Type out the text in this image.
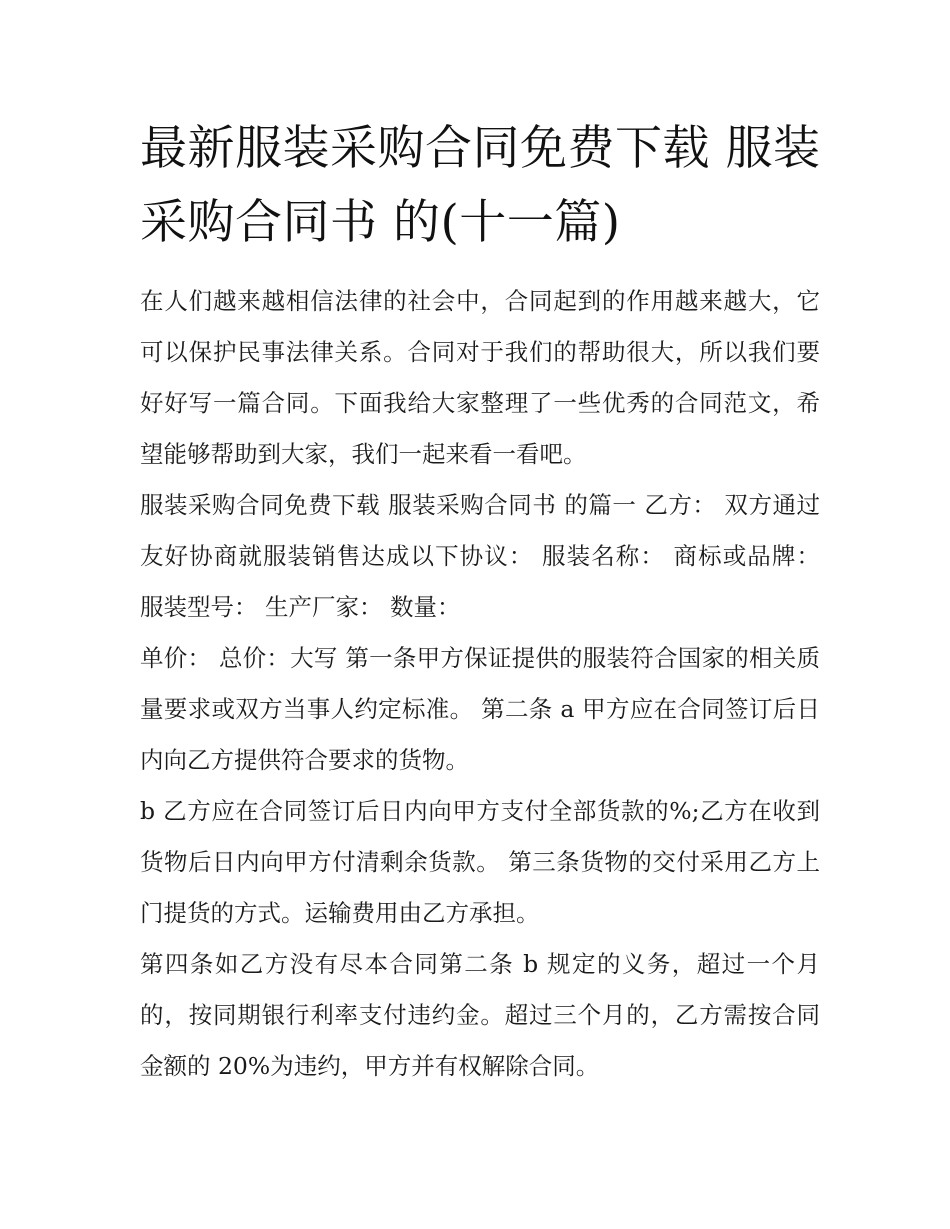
最新服装采购合同免费下载 服装采购合同书 的(十一篇)

在人们越来越相信法律的社会中，合同起到的作用越来越大，它可以保护民事法律关系。合同对于我们的帮助很大，所以我们要好好写一篇合同。下面我给大家整理了一些优秀的合同范文，希望能够帮助到大家，我们一起来看一看吧。

服装采购合同免费下载 服装采购合同书 的篇一 乙方： 双方通过友好协商就服装销售达成以下协议： 服装名称： 商标或品牌： 服装型号： 生产厂家： 数量：

单价： 总价：大写 第一条甲方保证提供的服装符合国家的相关质量要求或双方当事人约定标准。 第二条 a 甲方应在合同签订后日内向乙方提供符合要求的货物。

b 乙方应在合同签订后日内向甲方支付全部货款的%;乙方在收到货物后日内向甲方付清剩余货款。 第三条货物的交付采用乙方上门提货的方式。运输费用由乙方承担。

第四条如乙方没有尽本合同第二条 b 规定的义务，超过一个月的，按同期银行利率支付违约金。超过三个月的，乙方需按合同金额的 20%为违约，甲方并有权解除合同。
